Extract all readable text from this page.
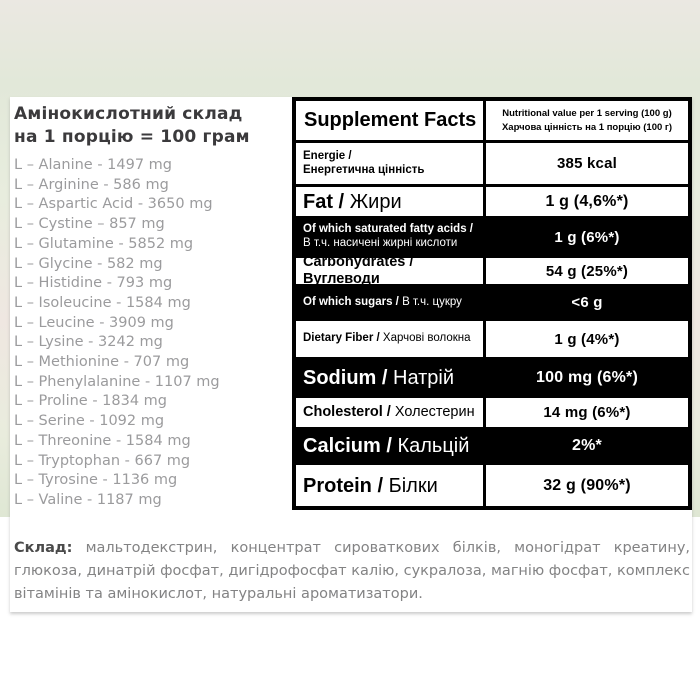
Амінокислотний склад
на 1 порцію = 100 грам
L – Alanine - 1497 mg
L – Arginine - 586 mg
L – Aspartic Acid - 3650 mg
L – Cystine – 857 mg
L – Glutamine - 5852 mg
L – Glycine - 582 mg
L – Histidine - 793 mg
L – Isoleucine - 1584 mg
L – Leucine - 3909 mg
L – Lysine - 3242 mg
L – Methionine - 707 mg
L – Phenylalanine - 1107 mg
L – Proline - 1834 mg
L – Serine - 1092 mg
L – Threonine - 1584 mg
L – Tryptophan - 667 mg
L – Tyrosine - 1136 mg
L – Valine - 1187 mg
Склад: мальтодекстрин, концентрат сироваткових білків, моногідрат креатину, глюкоза, динатрій фосфат, дигідрофосфат калію, сукралоза, магнію фосфат, комплекс вітамінів та амінокислот, натуральні ароматизатори.
Supplement Facts	Nutritional value per 1 serving (100 g)
Харчова цінність на 1 порцію (100 г)
Energie /
Енергетична цінність	385 kcal
Fat /
Жири	1 g (4,6%*)
Of which saturated fatty acids /
В т.ч. насичені жирні кислоти	1 g (6%*)
Carbohydrates /

Вуглеводи	54 g (25%*)
Of which sugars /
В т.ч. цукру	<6 g
Dietary Fiber /
Харчові волокна	1 g (4%*)
Sodium /
Натрій	100 mg (6%*)
Cholesterol /
Холестерин	14 mg (6%*)
Calcium /
Кальцій	2%*
Protein /
Білки	32 g (90%*)
